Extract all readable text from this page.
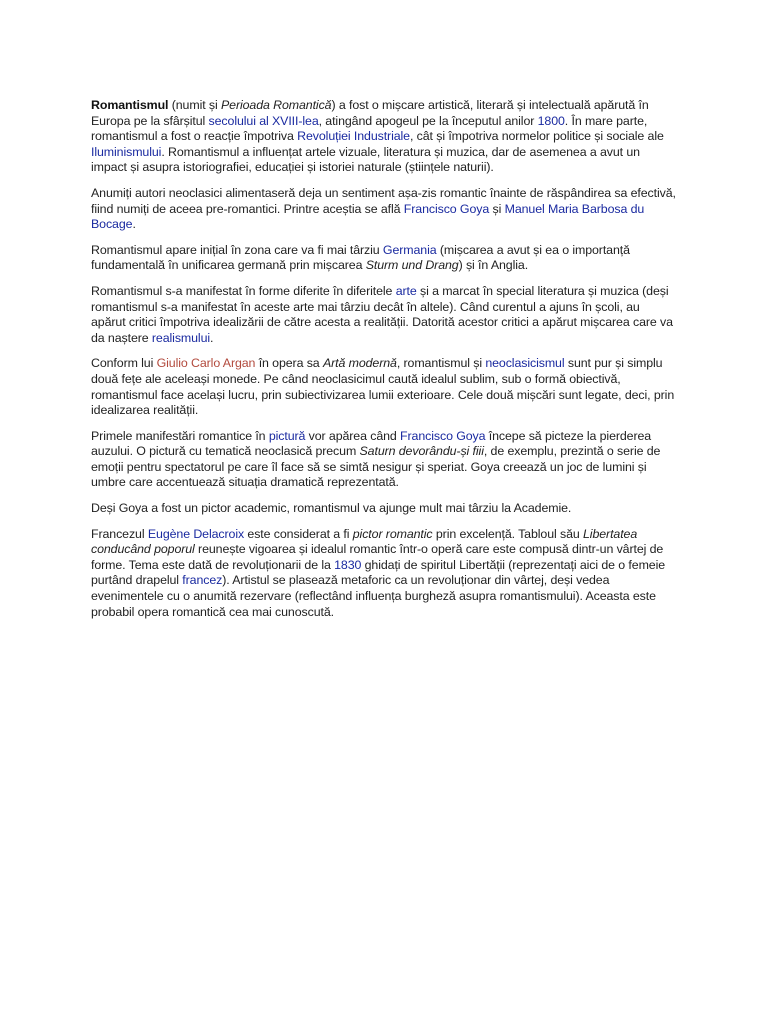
Romantismul (numit și Perioada Romantică) a fost o mișcare artistică, literară și intelectuală apărută în Europa pe la sfârșitul secolului al XVIII-lea, atingând apogeul pe la începutul anilor 1800. În mare parte, romantismul a fost o reacție împotriva Revoluției Industriale, cât și împotriva normelor politice și sociale ale Iluminismului. Romantismul a influențat artele vizuale, literatura și muzica, dar de asemenea a avut un impact și asupra istoriografiei, educației și istoriei naturale (științele naturii).

Anumiți autori neoclasici alimentaseră deja un sentiment așa-zis romantic înainte de răspândirea sa efectivă, fiind numiți de aceea pre-romantici. Printre aceștia se află Francisco Goya și Manuel Maria Barbosa du Bocage.

Romantismul apare inițial în zona care va fi mai târziu Germania (mișcarea a avut și ea o importanță fundamentală în unificarea germană prin mișcarea Sturm und Drang) și în Anglia.

Romantismul s-a manifestat în forme diferite în diferitele arte și a marcat în special literatura și muzica (deși romantismul s-a manifestat în aceste arte mai târziu decât în altele). Când curentul a ajuns în școli, au apărut critici împotriva idealizării de către acesta a realității. Datorită acestor critici a apărut mișcarea care va da naștere realismului.

Conform lui Giulio Carlo Argan în opera sa Artă modernă, romantismul și neoclasicismul sunt pur și simplu două fețe ale aceleași monede. Pe când neoclasicimul caută idealul sublim, sub o formă obiectivă, romantismul face același lucru, prin subiectivizarea lumii exterioare. Cele două mișcări sunt legate, deci, prin idealizarea realității.

Primele manifestări romantice în pictură vor apărea când Francisco Goya începe să picteze la pierderea auzului. O pictură cu tematică neoclasică precum Saturn devorându-și fiii, de exemplu, prezintă o serie de emoții pentru spectatorul pe care îl face să se simtă nesigur și speriat. Goya creează un joc de lumini și umbre care accentuează situația dramatică reprezentată.

Deși Goya a fost un pictor academic, romantismul va ajunge mult mai târziu la Academie.

Francezul Eugène Delacroix este considerat a fi pictor romantic prin excelență. Tabloul său Libertatea conducând poporul reunește vigoarea și idealul romantic într-o operă care este compusă dintr-un vârtej de forme. Tema este dată de revoluționarii de la 1830 ghidați de spiritul Libertății (reprezentați aici de o femeie purtând drapelul francez). Artistul se plasează metaforic ca un revoluționar din vârtej, deși vedea evenimentele cu o anumită rezervare (reflectând influența burgheză asupra romantismului). Aceasta este probabil opera romantică cea mai cunoscută.
